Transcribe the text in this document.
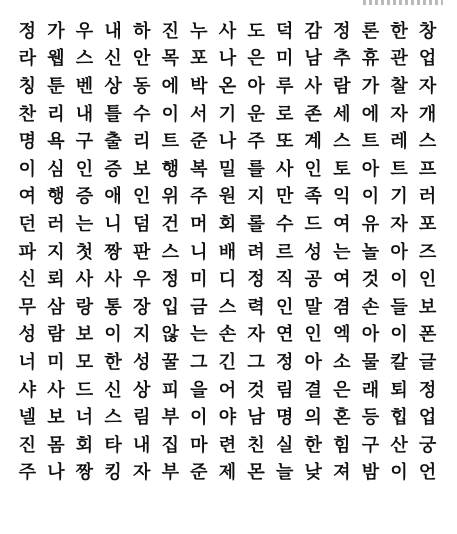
정 가 우 내 하 진 누 사 도 덕 감 정 론 한 창
라 웹 스 신 안 목 포 나 은 미 남 추 휴 관 업
칭 툰 벤 상 동 에 박 온 아 루 사 람 가 찰 자
찬 리 내 틀 수 이 서 기 운 로 존 세 에 자 개
명 욕 구 출 리 트 준 나 주 또 계 스 트 레 스
이 심 인 증 보 행 복 밀 를 사 인 토 아 트 프
여 행 증 애 인 위 주 원 지 만 족 익 이 기 러
던 러 는 니 덤 건 머 회 롤 수 드 여 유 자 포
파 지 첫 짱 판 스 니 배 려 르 성 는 놀 아 즈
신 뢰 사 사 우 정 미 디 정 직 공 여 것 이 인
무 삼 랑 통 장 입 금 스 력 인 말 겸 손 들 보
성 람 보 이 지 않 는 손 자 연 인 엑 아 이 폰
너 미 모 한 성 꿀 그 긴 그 정 아 소 물 칼 글
샤 사 드 신 상 피 을 어 것 림 결 은 래 퇴 정
넬 보 너 스 림 부 이 야 남 명 의 혼 등 힙 업
진 몸 회 타 내 집 마 련 친 실 한 힘 구 산 궁
주 나 짱 킹 자 부 준 제 몬 늘 낮 져 밤 이 언
